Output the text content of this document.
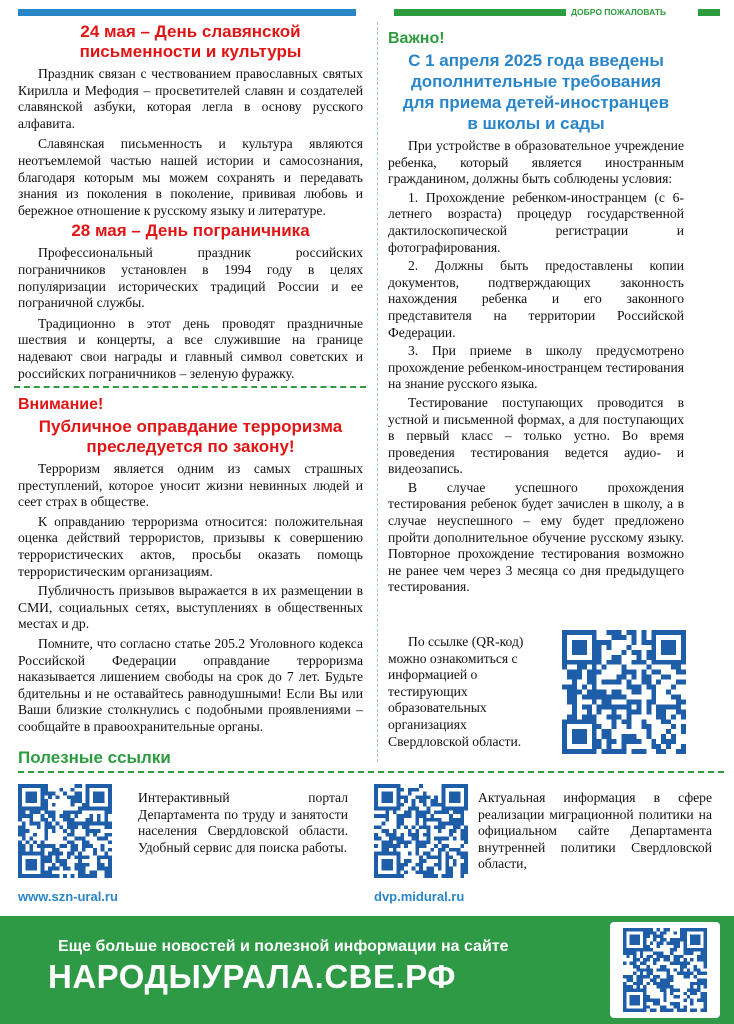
ДОБРО ПОЖАЛОВАТЬ
24 мая – День славянской письменности и культуры

Праздник связан с чествованием православных святых Кирилла и Мефодия – просветителей славян и создателей славянской азбуки, которая легла в основу русского алфавита.

Славянская письменность и культура являются неотъемлемой частью нашей истории и самосознания, благодаря которым мы можем сохранять и передавать знания из поколения в поколение, прививая любовь и бережное отношение к русскому языку и литературе.

28 мая – День пограничника

Профессиональный праздник российских пограничников установлен в 1994 году в целях популяризации исторических традиций России и ее пограничной службы.

Традиционно в этот день проводят праздничные шествия и концерты, а все служившие на границе надевают свои награды и главный символ советских и российских пограничников – зеленую фуражку.

Внимание!
Публичное оправдание терроризма преследуется по закону!

Терроризм является одним из самых страшных преступлений, которое уносит жизни невинных людей и сеет страх в обществе.

К оправданию терроризма относится: положительная оценка действий террористов, призывы к совершению террористических актов, просьбы оказать помощь террористическим организациям.

Публичность призывов выражается в их размещении в СМИ, социальных сетях, выступлениях в общественных местах и др.

Помните, что согласно статье 205.2 Уголовного кодекса Российской Федерации оправдание терроризма наказывается лишением свободы на срок до 7 лет. Будьте бдительны и не оставайтесь равнодушными! Если Вы или Ваши близкие столкнулись с подобными проявлениями – сообщайте в правоохранительные органы.

Важно!
С 1 апреля 2025 года введены дополнительные требования для приема детей-иностранцев в школы и сады

При устройстве в образовательное учреждение ребенка, который является иностранным гражданином, должны быть соблюдены условия:

1. Прохождение ребенком-иностранцем (с 6-летнего возраста) процедур государственной дактилоскопической регистрации и фотографирования.

2. Должны быть предоставлены копии документов, подтверждающих законность нахождения ребенка и его законного представителя на территории Российской Федерации.

3. При приеме в школу предусмотрено прохождение ребенком-иностранцем тестирования на знание русского языка.

Тестирование поступающих проводится в устной и письменной формах, а для поступающих в первый класс – только устно. Во время проведения тестирования ведется аудио- и видеозапись.

В случае успешного прохождения тестирования ребенок будет зачислен в школу, а в случае неуспешного – ему будет предложено пройти дополнительное обучение русскому языку. Повторное прохождение тестирования возможно не ранее чем через 3 месяца со дня предыдущего тестирования.

По ссылке (QR-код) можно ознакомиться с информацией о тестирующих образовательных организациях Свердловской области.

Полезные ссылки

Интерактивный портал Департамента по труду и занятости населения Свердловской области. Удобный сервис для поиска работы.

www.szn-ural.ru

Актуальная информация в сфере реализации миграционной политики на официальном сайте Департамента внутренней политики Свердловской области,

dvp.midural.ru
Еще больше новостей и полезной информации на сайте
НАРОДЫУРАЛА.СВЕ.РФ
